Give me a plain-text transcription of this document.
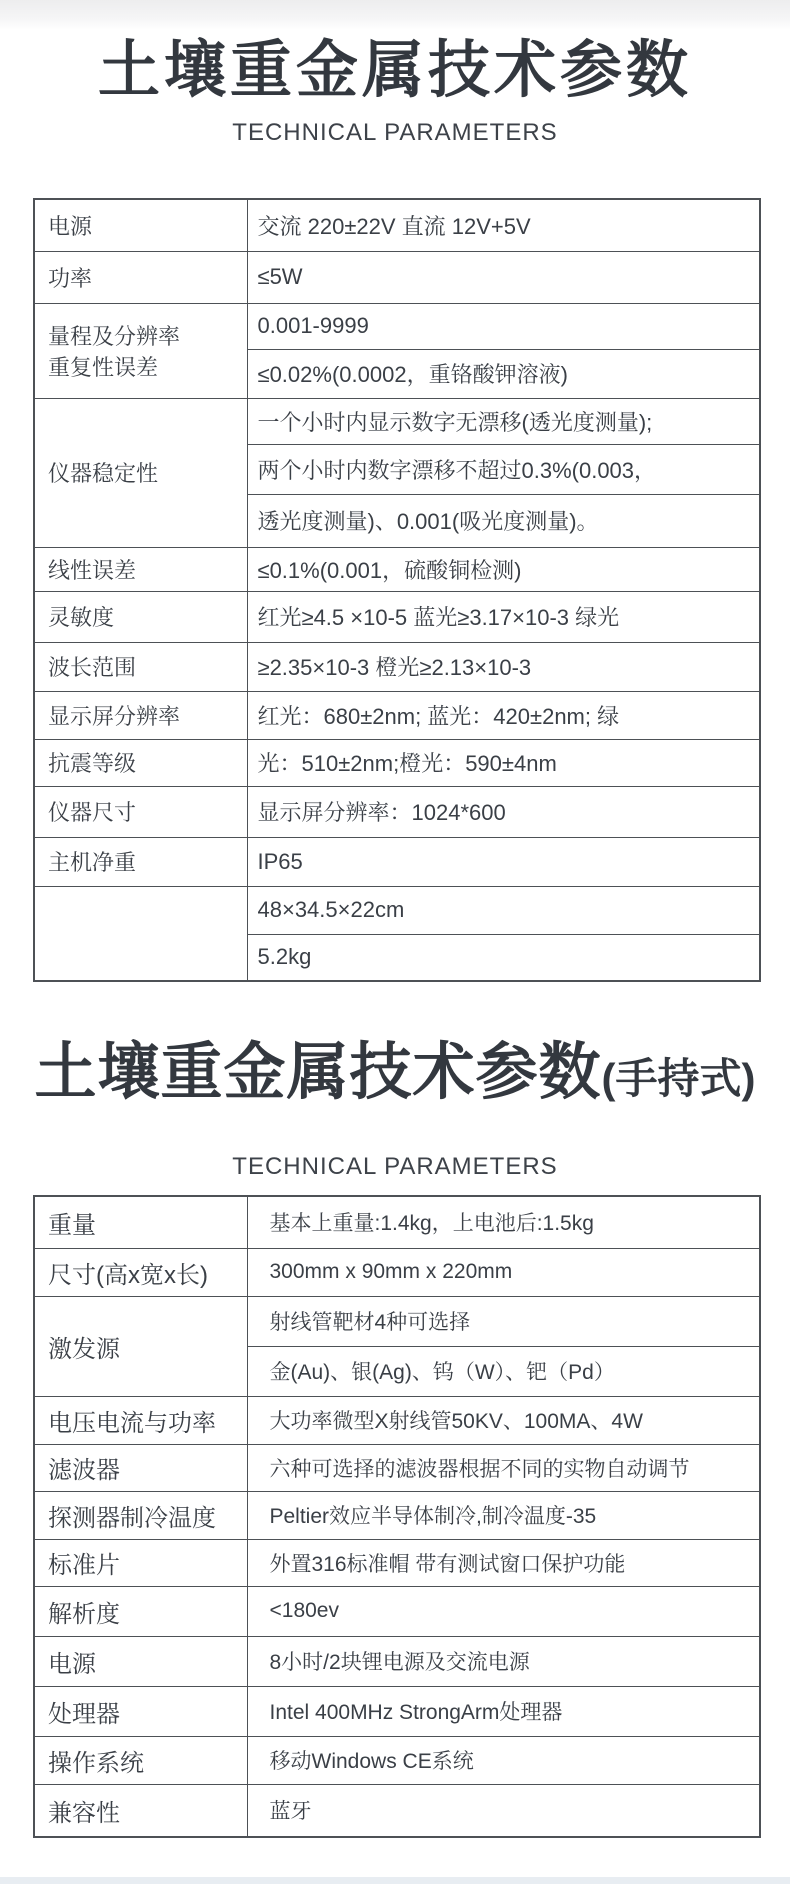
土壤重金属技术参数
TECHNICAL PARAMETERS
电源	交流 220±22V 直流 12V+5V
功率	≤5W

量程及分辨率
重复性误差	0.001-9999
	≤0.02%(0.0002，重铬酸钾溶液)
仪器稳定性	一个小时内显示数字无漂移(透光度测量);
	两个小时内数字漂移不超过0.3%(0.003，
	透光度测量)、0.001(吸光度测量)。
线性误差	≤0.1%(0.001，硫酸铜检测)
灵敏度	红光≥4.5 ×10-5 蓝光≥3.17×10-3 绿光
波长范围	≥2.35×10-3 橙光≥2.13×10-3
显示屏分辨率	红光：680±2nm; 蓝光：420±2nm; 绿
抗震等级	光：510±2nm;橙光：590±4nm
仪器尺寸	显示屏分辨率：1024*600
主机净重	IP65
	48×34.5×22cm
	5.2kg
土壤重金属技术参数(手持式)
TECHNICAL PARAMETERS
重量	基本上重量:1.4kg，上电池后:1.5kg
尺寸(高x宽x长)	300mm x 90mm x 220mm
激发源	射线管靶材4种可选择
	金(Au)、银(Ag)、钨（W）、钯（Pd）
电压电流与功率	大功率微型X射线管50KV、100MA、4W
滤波器	六种可选择的滤波器根据不同的实物自动调节
探测器制冷温度	Peltier效应半导体制冷,制冷温度-35
标准片	外置316标准帽 带有测试窗口保护功能
解析度	<180ev
电源	8小时/2块锂电源及交流电源
处理器	Intel 400MHz StrongArm处理器
操作系统	移动Windows CE系统
兼容性	蓝牙
